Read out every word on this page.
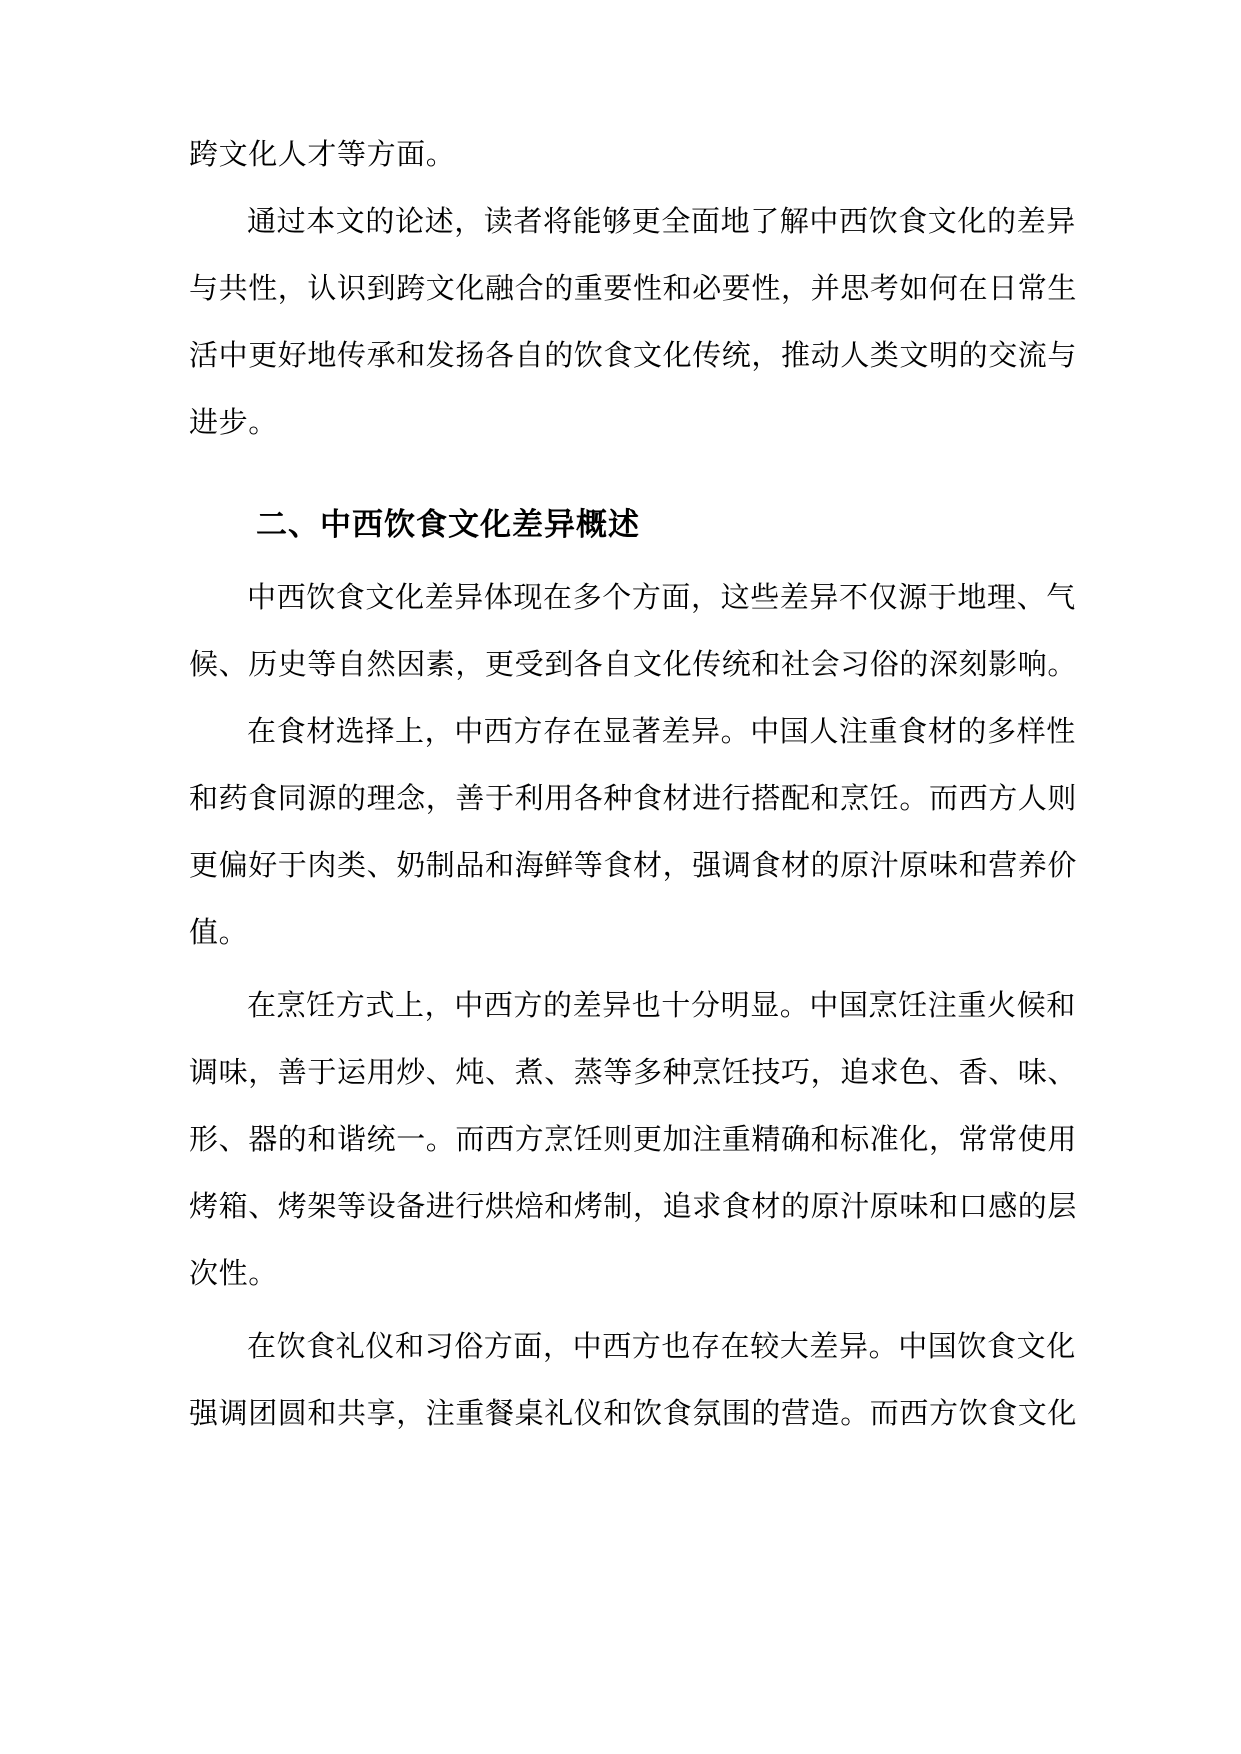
跨文化人才等方面。
通过本文的论述，读者将能够更全面地了解中西饮食文化的差异
与共性，认识到跨文化融合的重要性和必要性，并思考如何在日常生
活中更好地传承和发扬各自的饮食文化传统，推动人类文明的交流与
进步。
二、中西饮食文化差异概述
中西饮食文化差异体现在多个方面，这些差异不仅源于地理、气
候、历史等自然因素，更受到各自文化传统和社会习俗的深刻影响。
在食材选择上，中西方存在显著差异。中国人注重食材的多样性
和药食同源的理念，善于利用各种食材进行搭配和烹饪。而西方人则
更偏好于肉类、奶制品和海鲜等食材，强调食材的原汁原味和营养价
值。
在烹饪方式上，中西方的差异也十分明显。中国烹饪注重火候和
调味，善于运用炒、炖、煮、蒸等多种烹饪技巧，追求色、香、味、
形、器的和谐统一。而西方烹饪则更加注重精确和标准化，常常使用
烤箱、烤架等设备进行烘焙和烤制，追求食材的原汁原味和口感的层
次性。
在饮食礼仪和习俗方面，中西方也存在较大差异。中国饮食文化
强调团圆和共享，注重餐桌礼仪和饮食氛围的营造。而西方饮食文化
